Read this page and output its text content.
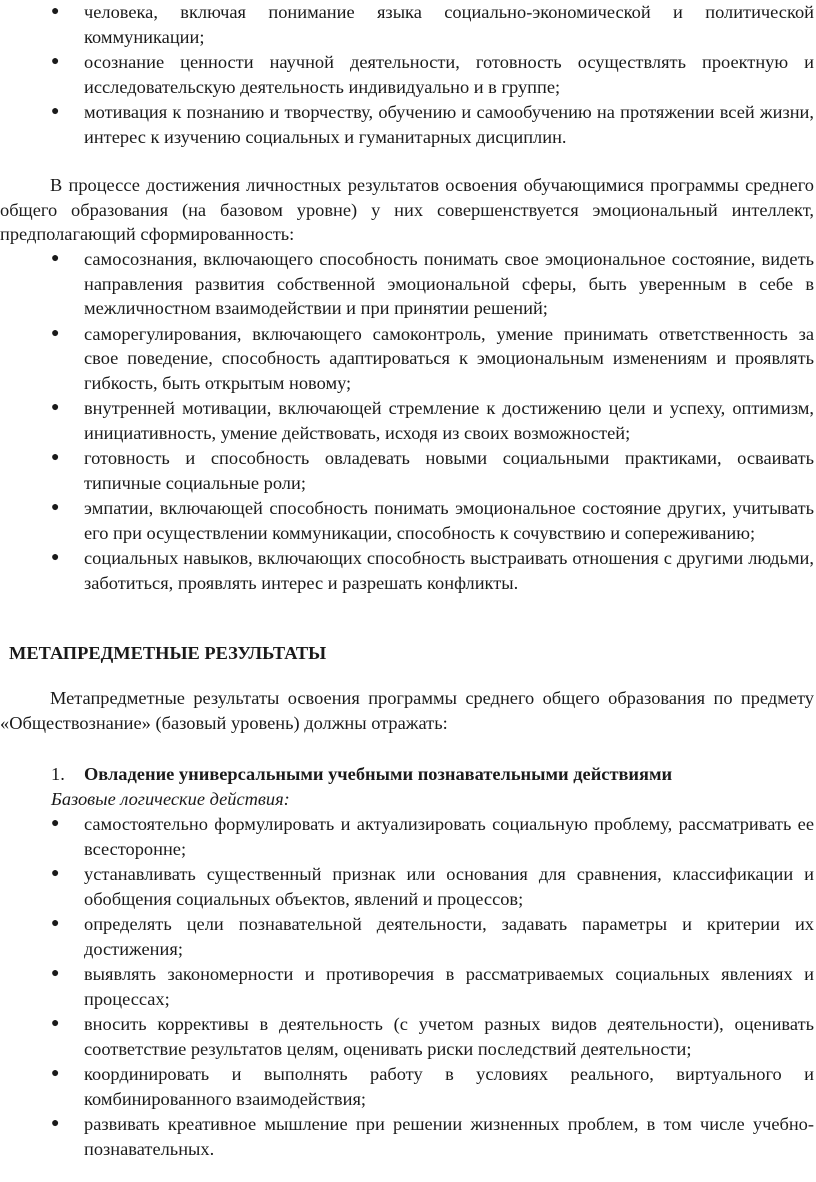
● человека, включая понимание языка социально-экономической и политической коммуникации;
● осознание ценности научной деятельности, готовность осуществлять проектную и исследовательскую деятельность индивидуально и в группе;
● мотивация к познанию и творчеству, обучению и самообучению на протяжении всей жизни, интерес к изучению социальных и гуманитарных дисциплин.

В процессе достижения личностных результатов освоения обучающимися программы среднего общего образования (на базовом уровне) у них совершенствуется эмоциональный интеллект, предполагающий сформированность:

● самосознания, включающего способность понимать свое эмоциональное состояние, видеть направления развития собственной эмоциональной сферы, быть уверенным в себе в межличностном взаимодействии и при принятии решений;
● саморегулирования, включающего самоконтроль, умение принимать ответственность за свое поведение, способность адаптироваться к эмоциональным изменениям и проявлять гибкость, быть открытым новому;
● внутренней мотивации, включающей стремление к достижению цели и успеху, оптимизм, инициативность, умение действовать, исходя из своих возможностей;
● готовность и способность овладевать новыми социальными практиками, осваивать типичные социальные роли;
● эмпатии, включающей способность понимать эмоциональное состояние других, учитывать его при осуществлении коммуникации, способность к сочувствию и сопереживанию;
● социальных навыков, включающих способность выстраивать отношения с другими людьми, заботиться, проявлять интерес и разрешать конфликты.
МЕТАПРЕДМЕТНЫЕ РЕЗУЛЬТАТЫ

Метапредметные результаты освоения программы среднего общего образования по предмету «Обществознание» (базовый уровень) должны отражать:

1. Овладение универсальными учебными познавательными действиями

Базовые логические действия:

● самостоятельно формулировать и актуализировать социальную проблему, рассматривать ее всесторонне;
● устанавливать существенный признак или основания для сравнения, классификации и обобщения социальных объектов, явлений и процессов;
● определять цели познавательной деятельности, задавать параметры и критерии их достижения;
● выявлять закономерности и противоречия в рассматриваемых социальных явлениях и процессах;
● вносить коррективы в деятельность (с учетом разных видов деятельности), оценивать соответствие результатов целям, оценивать риски последствий деятельности;
● координировать и выполнять работу в условиях реального, виртуального и комбинированного взаимодействия;
● развивать креативное мышление при решении жизненных проблем, в том числе учебно-познавательных.
